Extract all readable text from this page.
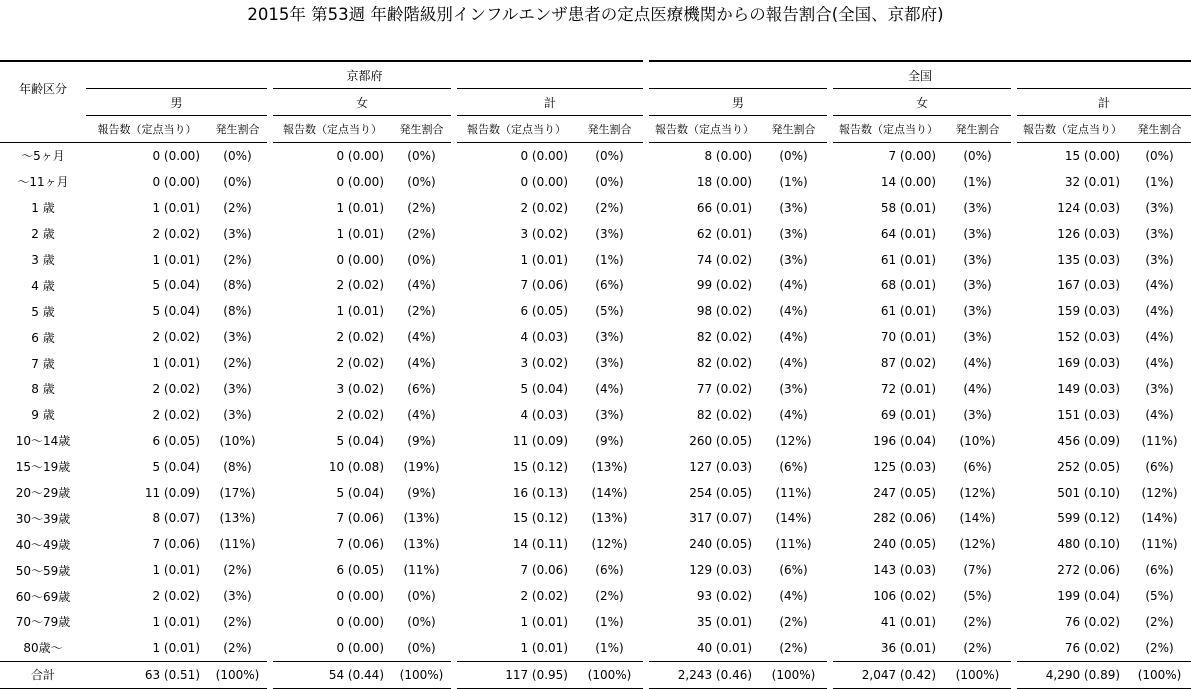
2015年 第53週 年齢階級別インフルエンザ患者の定点医療機関からの報告割合(全国、京都府)
年齢区分	京都府						全国					
	男		女		計		男		女		計	
	報告数（定点当り）	発生割合	報告数（定点当り）	発生割合	報告数（定点当り）	発生割合	報告数（定点当り）	発生割合	報告数（定点当り）	発生割合	報告数（定点当り）	発生割合
～5ヶ月	0 (0.00)	(0%)	0 (0.00)	(0%)	0 (0.00)	(0%)	8 (0.00)	(0%)	7 (0.00)	(0%)	15 (0.00)	(0%)
～11ヶ月	0 (0.00)	(0%)	0 (0.00)	(0%)	0 (0.00)	(0%)	18 (0.00)	(1%)	14 (0.00)	(1%)	32 (0.01)	(1%)
1 歳	1 (0.01)	(2%)	1 (0.01)	(2%)	2 (0.02)	(2%)	66 (0.01)	(3%)	58 (0.01)	(3%)	124 (0.03)	(3%)
2 歳	2 (0.02)	(3%)	1 (0.01)	(2%)	3 (0.02)	(3%)	62 (0.01)	(3%)	64 (0.01)	(3%)	126 (0.03)	(3%)
3 歳	1 (0.01)	(2%)	0 (0.00)	(0%)	1 (0.01)	(1%)	74 (0.02)	(3%)	61 (0.01)	(3%)	135 (0.03)	(3%)
4 歳	5 (0.04)	(8%)	2 (0.02)	(4%)	7 (0.06)	(6%)	99 (0.02)	(4%)	68 (0.01)	(3%)	167 (0.03)	(4%)
5 歳	5 (0.04)	(8%)	1 (0.01)	(2%)	6 (0.05)	(5%)	98 (0.02)	(4%)	61 (0.01)	(3%)	159 (0.03)	(4%)
6 歳	2 (0.02)	(3%)	2 (0.02)	(4%)	4 (0.03)	(3%)	82 (0.02)	(4%)	70 (0.01)	(3%)	152 (0.03)	(4%)
7 歳	1 (0.01)	(2%)	2 (0.02)	(4%)	3 (0.02)	(3%)	82 (0.02)	(4%)	87 (0.02)	(4%)	169 (0.03)	(4%)
8 歳	2 (0.02)	(3%)	3 (0.02)	(6%)	5 (0.04)	(4%)	77 (0.02)	(3%)	72 (0.01)	(4%)	149 (0.03)	(3%)
9 歳	2 (0.02)	(3%)	2 (0.02)	(4%)	4 (0.03)	(3%)	82 (0.02)	(4%)	69 (0.01)	(3%)	151 (0.03)	(4%)
10～14歳	6 (0.05)	(10%)	5 (0.04)	(9%)	11 (0.09)	(9%)	260 (0.05)	(12%)	196 (0.04)	(10%)	456 (0.09)	(11%)
15～19歳	5 (0.04)	(8%)	10 (0.08)	(19%)	15 (0.12)	(13%)	127 (0.03)	(6%)	125 (0.03)	(6%)	252 (0.05)	(6%)
20～29歳	11 (0.09)	(17%)	5 (0.04)	(9%)	16 (0.13)	(14%)	254 (0.05)	(11%)	247 (0.05)	(12%)	501 (0.10)	(12%)
30～39歳	8 (0.07)	(13%)	7 (0.06)	(13%)	15 (0.12)	(13%)	317 (0.07)	(14%)	282 (0.06)	(14%)	599 (0.12)	(14%)
40～49歳	7 (0.06)	(11%)	7 (0.06)	(13%)	14 (0.11)	(12%)	240 (0.05)	(11%)	240 (0.05)	(12%)	480 (0.10)	(11%)
50～59歳	1 (0.01)	(2%)	6 (0.05)	(11%)	7 (0.06)	(6%)	129 (0.03)	(6%)	143 (0.03)	(7%)	272 (0.06)	(6%)
60～69歳	2 (0.02)	(3%)	0 (0.00)	(0%)	2 (0.02)	(2%)	93 (0.02)	(4%)	106 (0.02)	(5%)	199 (0.04)	(5%)
70～79歳	1 (0.01)	(2%)	0 (0.00)	(0%)	1 (0.01)	(1%)	35 (0.01)	(2%)	41 (0.01)	(2%)	76 (0.02)	(2%)
80歳～	1 (0.01)	(2%)	0 (0.00)	(0%)	1 (0.01)	(1%)	40 (0.01)	(2%)	36 (0.01)	(2%)	76 (0.02)	(2%)
合計	63 (0.51)	(100%)	54 (0.44)	(100%)	117 (0.95)	(100%)	2,243 (0.46)	(100%)	2,047 (0.42)	(100%)	4,290 (0.89)	(100%)
